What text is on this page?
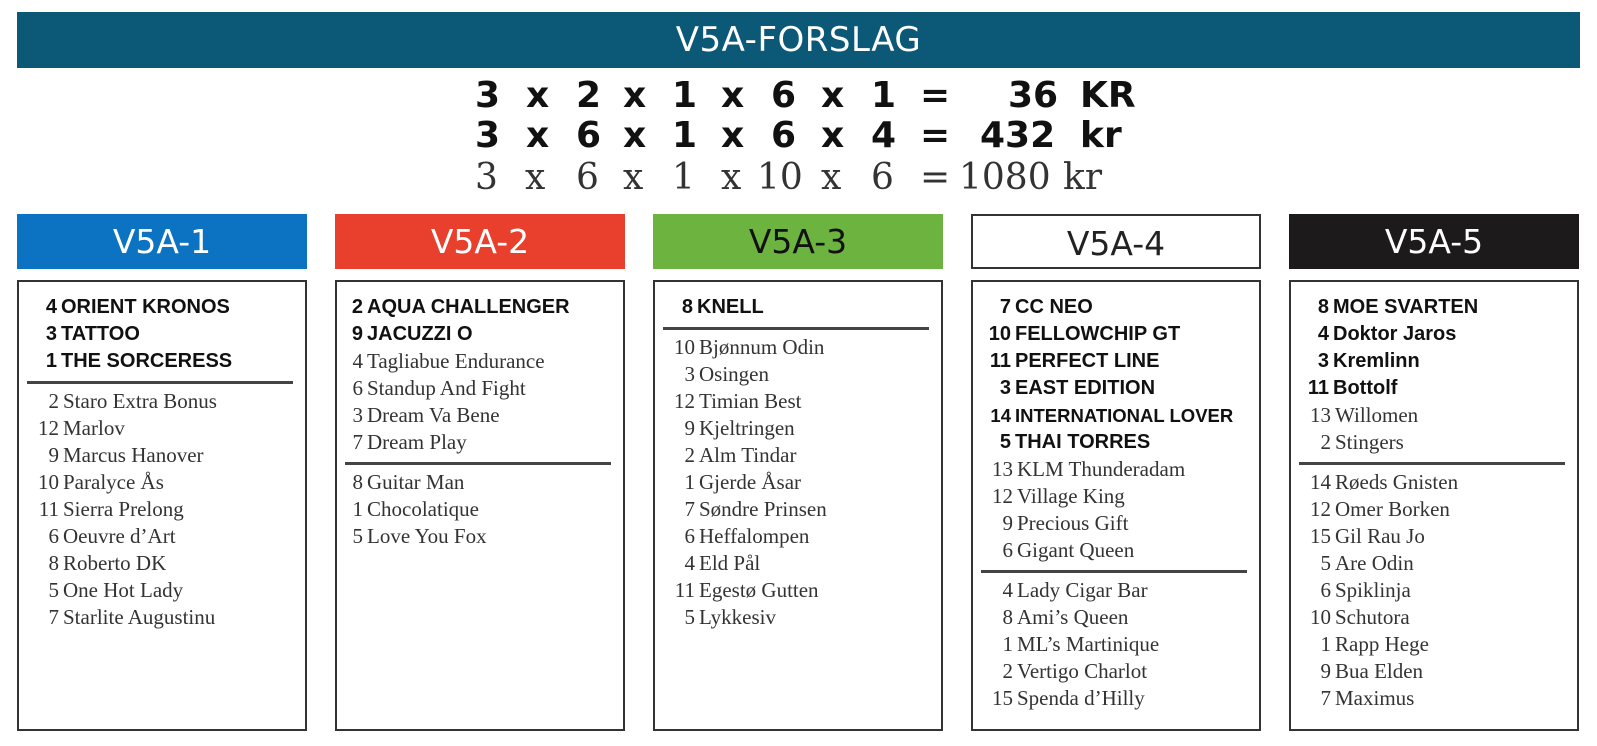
V5A-FORSLAG

3

x

2

x

1

x

6

x

1

=

36

KR

3

x

6

x

1

x

6

x

4

=

432

kr

3

x

6

x

1

x

10

x

6

=

1080

kr

V5A-1
4 ORIENT KRONOS
3 TATTOO
1 THE SORCERESS
2 Staro Extra Bonus
12 Marlov
9 Marcus Hanover
10 Paralyce Ås
11 Sierra Prelong
6 Oeuvre d’Art
8 Roberto DK
5 One Hot Lady
7 Starlite Augustinu
V5A-2
2 AQUA CHALLENGER
9 JACUZZI O
4 Tagliabue Endurance
6 Standup And Fight
3 Dream Va Bene
7 Dream Play
8 Guitar Man
1 Chocolatique
5 Love You Fox
V5A-3
8 KNELL
10 Bjønnum Odin
3 Osingen
12 Timian Best
9 Kjeltringen
2 Alm Tindar
1 Gjerde Åsar
7 Søndre Prinsen
6 Heffalompen
4 Eld Pål
11 Egestø Gutten
5 Lykkesiv
V5A-4
7 CC NEO
10 FELLOWCHIP GT
11 PERFECT LINE
3 EAST EDITION
14 INTERNATIONAL LOVER
5 THAI TORRES
13 KLM Thunderadam
12 Village King
9 Precious Gift
6 Gigant Queen
4 Lady Cigar Bar
8 Ami’s Queen
1 ML’s Martinique
2 Vertigo Charlot
15 Spenda d’Hilly
V5A-5
8 MOE SVARTEN
4 Doktor Jaros
3 Kremlinn
11 Bottolf
13 Willomen
2 Stingers
14 Røeds Gnisten
12 Omer Borken
15 Gil Rau Jo
5 Are Odin
6 Spiklinja
10 Schutora
1 Rapp Hege
9 Bua Elden
7 Maximus
